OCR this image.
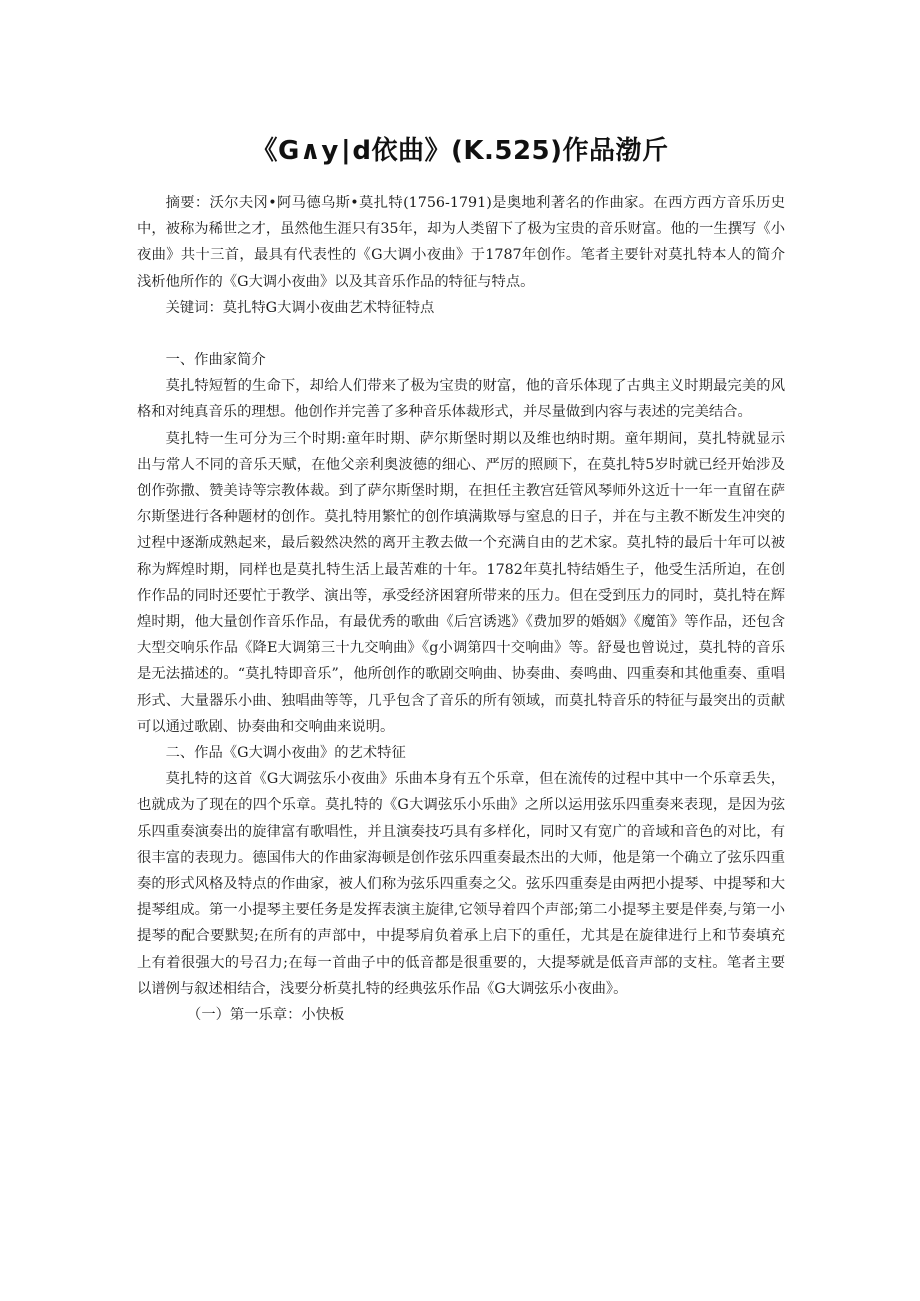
《G∧y∣d依曲》(K.525)作品渤斤

摘要：沃尔夫冈•阿马德乌斯•莫扎特(1756-1791)是奥地利著名的作曲家。在西方西方音乐历史中，被称为稀世之才，虽然他生涯只有35年，却为人类留下了极为宝贵的音乐财富。他的一生撰写《小夜曲》共十三首，最具有代表性的《G大调小夜曲》于1787年创作。笔者主要针对莫扎特本人的简介浅析他所作的《G大调小夜曲》以及其音乐作品的特征与特点。

关键词：莫扎特G大调小夜曲艺术特征特点

一、作曲家简介

莫扎特短暂的生命下，却给人们带来了极为宝贵的财富，他的音乐体现了古典主义时期最完美的风格和对纯真音乐的理想。他创作并完善了多种音乐体裁形式，并尽量做到内容与表述的完美结合。

莫扎特一生可分为三个时期:童年时期、萨尔斯堡时期以及维也纳时期。童年期间，莫扎特就显示出与常人不同的音乐天赋，在他父亲利奥波德的细心、严厉的照顾下，在莫扎特5岁时就已经开始涉及创作弥撒、赞美诗等宗教体裁。到了萨尔斯堡时期，在担任主教宫廷管风琴师外这近十一年一直留在萨尔斯堡进行各种题材的创作。莫扎特用繁忙的创作填满欺辱与窒息的日子，并在与主教不断发生冲突的过程中逐渐成熟起来，最后毅然决然的离开主教去做一个充满自由的艺术家。莫扎特的最后十年可以被称为辉煌时期，同样也是莫扎特生活上最苦难的十年。1782年莫扎特结婚生子，他受生活所迫，在创作作品的同时还要忙于教学、演出等，承受经济困窘所带来的压力。但在受到压力的同时，莫扎特在辉煌时期，他大量创作音乐作品，有最优秀的歌曲《后宫诱逃》《费加罗的婚姻》《魔笛》等作品，还包含大型交响乐作品《降E大调第三十九交响曲》《g小调第四十交响曲》等。舒曼也曾说过，莫扎特的音乐是无法描述的。“莫扎特即音乐”，他所创作的歌剧交响曲、协奏曲、奏鸣曲、四重奏和其他重奏、重唱形式、大量器乐小曲、独唱曲等等，几乎包含了音乐的所有领域，而莫扎特音乐的特征与最突出的贡献可以通过歌剧、协奏曲和交响曲来说明。

二、作品《G大调小夜曲》的艺术特征

莫扎特的这首《G大调弦乐小夜曲》乐曲本身有五个乐章，但在流传的过程中其中一个乐章丢失，也就成为了现在的四个乐章。莫扎特的《G大调弦乐小乐曲》之所以运用弦乐四重奏来表现，是因为弦乐四重奏演奏出的旋律富有歌唱性，并且演奏技巧具有多样化，同时又有宽广的音域和音色的对比，有很丰富的表现力。德国伟大的作曲家海顿是创作弦乐四重奏最杰出的大师，他是第一个确立了弦乐四重奏的形式风格及特点的作曲家，被人们称为弦乐四重奏之父。弦乐四重奏是由两把小提琴、中提琴和大提琴组成。第一小提琴主要任务是发挥表演主旋律,它领导着四个声部;第二小提琴主要是伴奏,与第一小提琴的配合要默契;在所有的声部中，中提琴肩负着承上启下的重任，尤其是在旋律进行上和节奏填充上有着很强大的号召力;在每一首曲子中的低音都是很重要的，大提琴就是低音声部的支柱。笔者主要以谱例与叙述相结合，浅要分析莫扎特的经典弦乐作品《G大调弦乐小夜曲》。

（一）第一乐章：小快板
